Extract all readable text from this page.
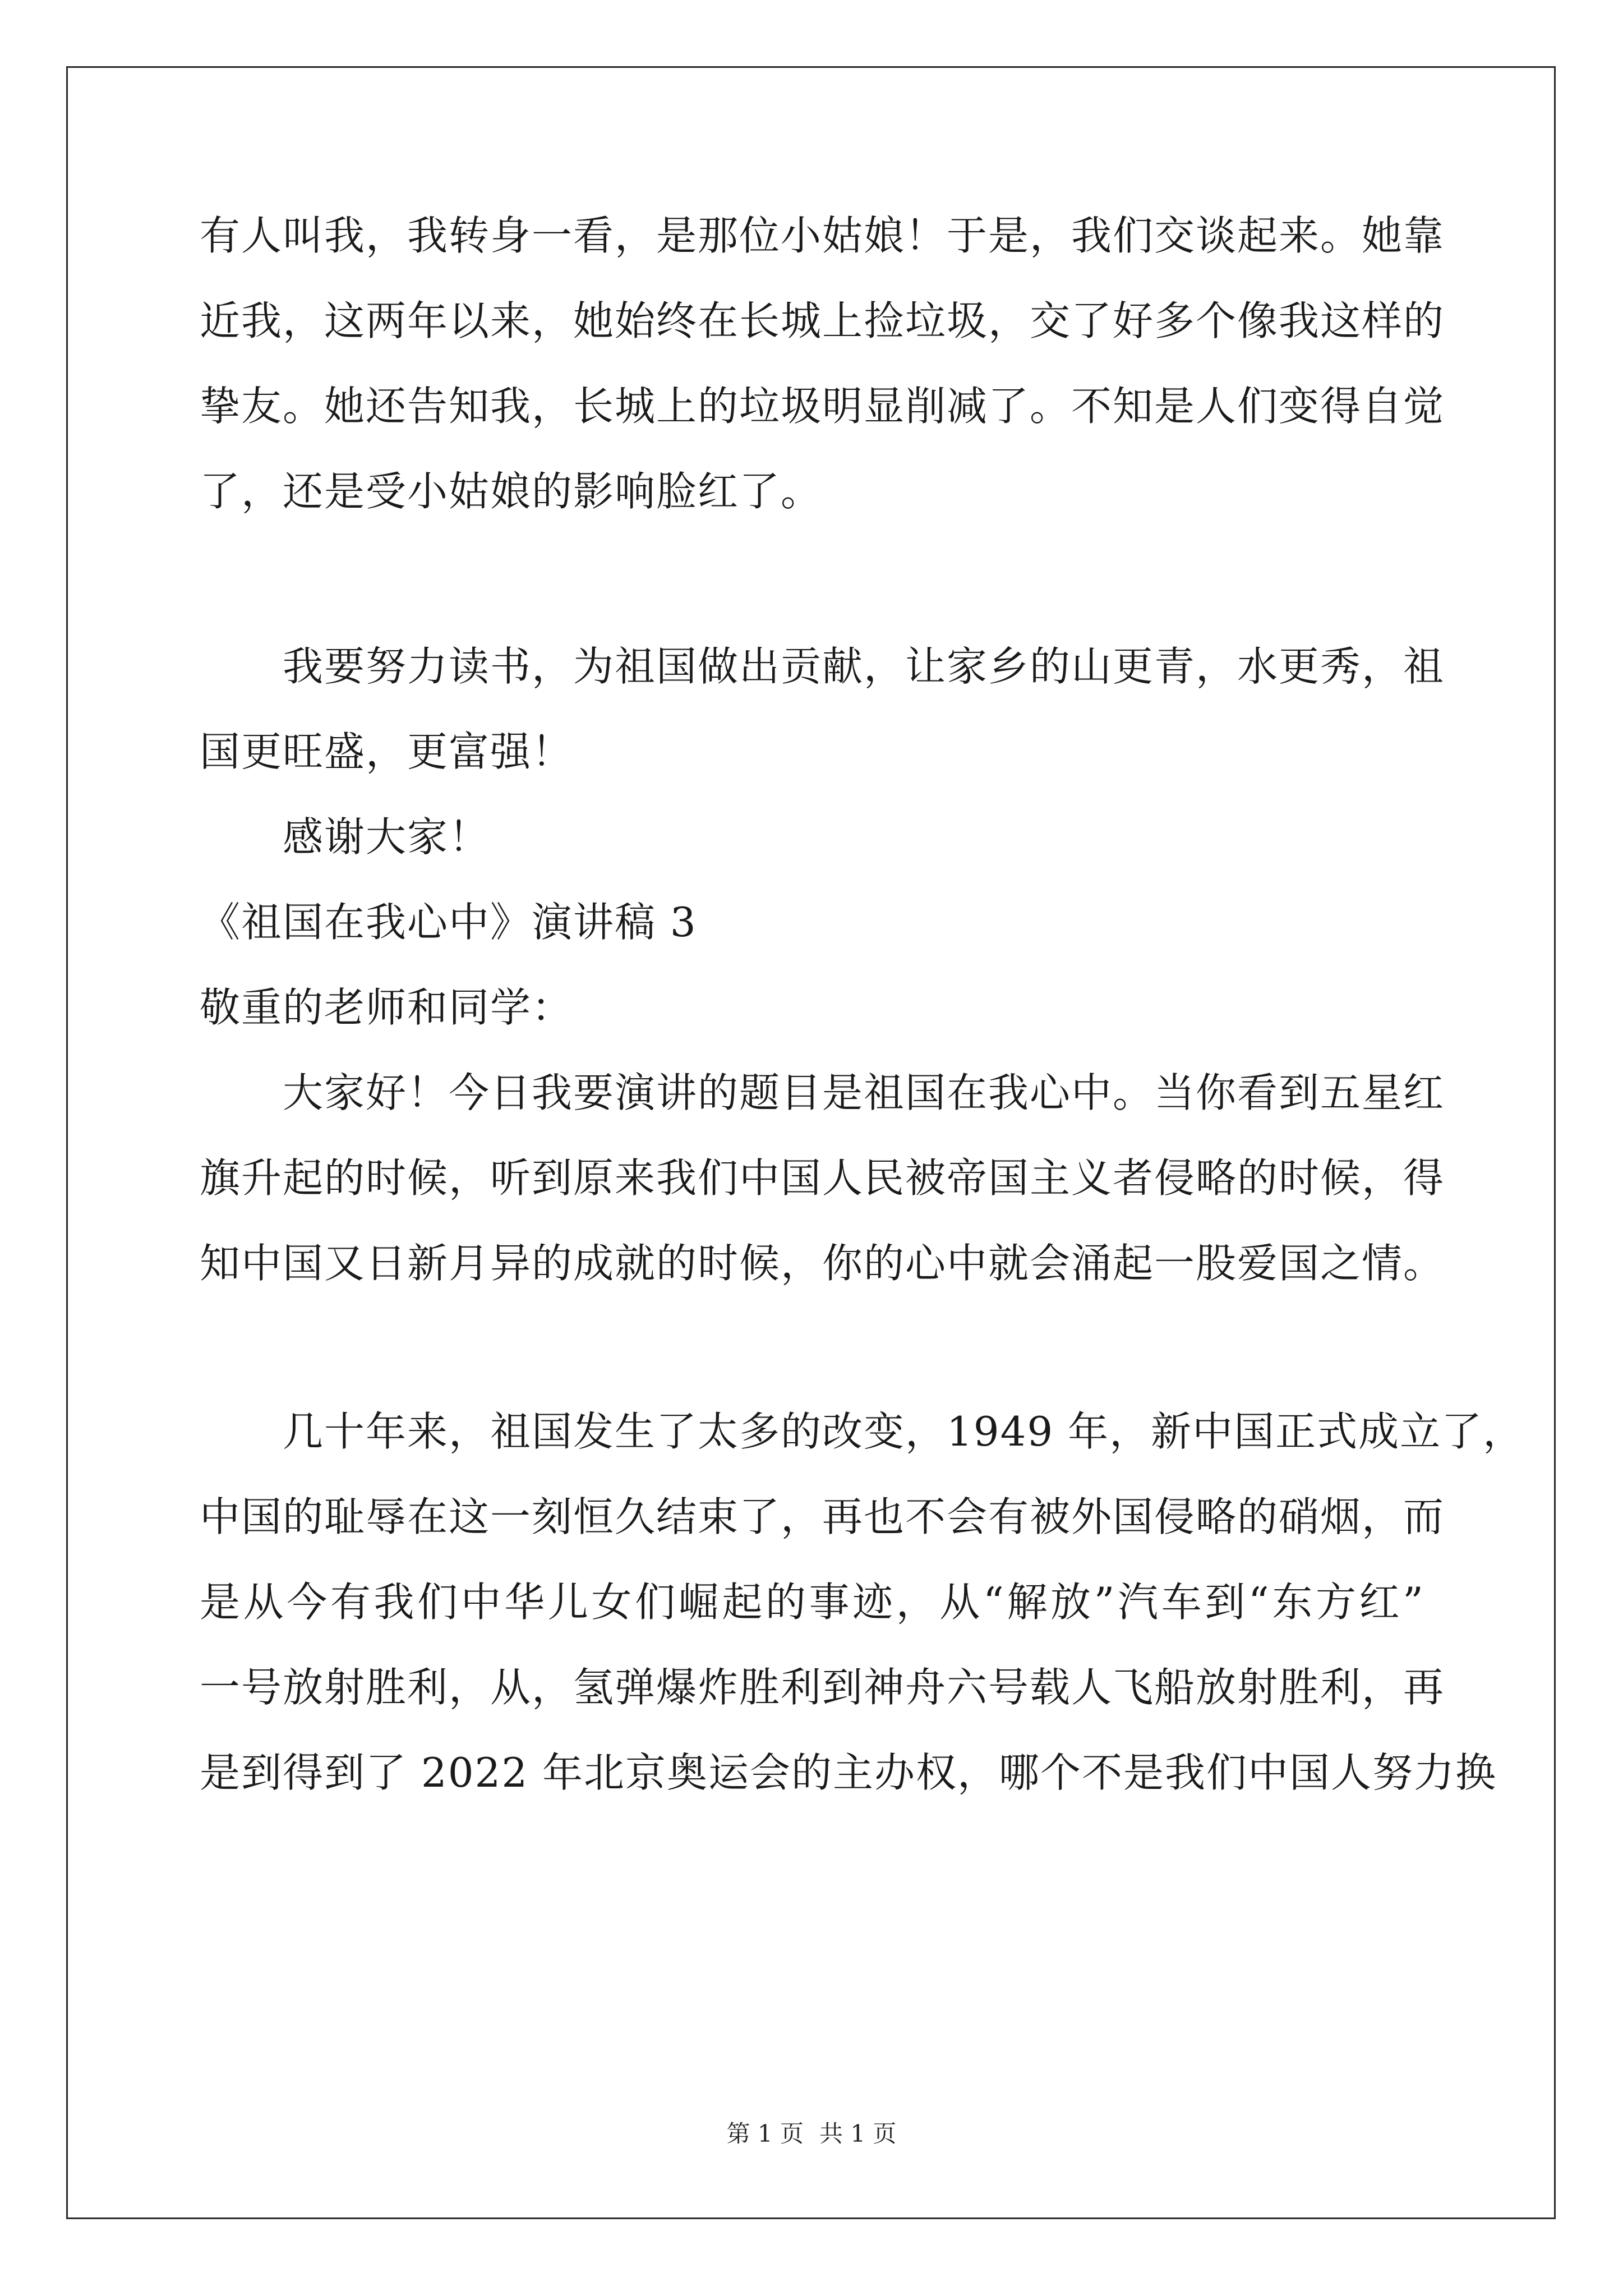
有人叫我，我转身一看，是那位小姑娘！于是，我们交谈起来。她靠
近我，这两年以来，她始终在长城上捡垃圾，交了好多个像我这样的
挚友。她还告知我，长城上的垃圾明显削减了。不知是人们变得自觉
了，还是受小姑娘的影响脸红了。
我要努力读书，为祖国做出贡献，让家乡的山更青，水更秀，祖
国更旺盛，更富强！
感谢大家！
《祖国在我心中》演讲稿 3
敬重的老师和同学：
大家好！今日我要演讲的题目是祖国在我心中。当你看到五星红
旗升起的时候，听到原来我们中国人民被帝国主义者侵略的时候，得
知中国又日新月异的成就的时候，你的心中就会涌起一股爱国之情。
几十年来，祖国发生了太多的改变，1949 年，新中国正式成立了，
中国的耻辱在这一刻恒久结束了，再也不会有被外国侵略的硝烟，而
是从今有我们中华儿女们崛起的事迹，从“解放”汽车到“东方红”
一号放射胜利，从，氢弹爆炸胜利到神舟六号载人飞船放射胜利，再
是到得到了 2022 年北京奥运会的主办权，哪个不是我们中国人努力换
第 1 页 共 1 页
